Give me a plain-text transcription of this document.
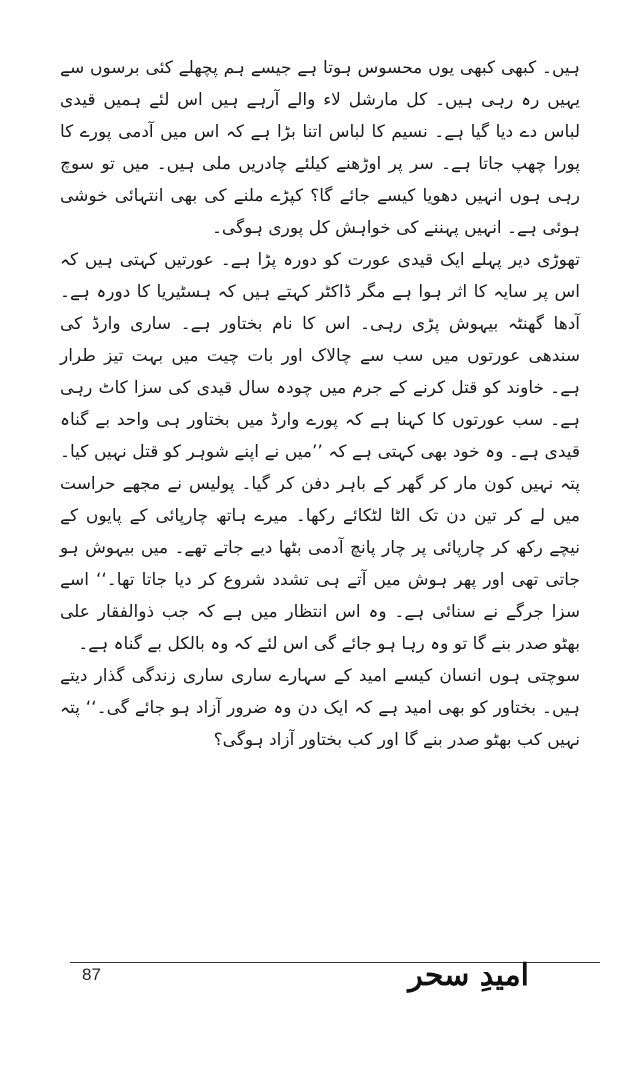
ہیں۔ کبھی کبھی یوں محسوس ہوتا ہے جیسے ہم پچھلے کئی برسوں سے یہیں رہ رہی ہیں۔ کل مارشل لاء والے آرہے ہیں اس لئے ہمیں قیدی لباس دے دیا گیا ہے۔ نسیم کا لباس اتنا بڑا ہے کہ اس میں آدمی پورے کا پورا چھپ جاتا ہے۔ سر پر اوڑھنے کیلئے چادریں ملی ہیں۔ میں تو سوچ رہی ہوں انہیں دھویا کیسے جائے گا؟ کپڑے ملنے کی بھی انتہائی خوشی ہوئی ہے۔ انہیں پہننے کی خواہش کل پوری ہوگی۔

تھوڑی دیر پہلے ایک قیدی عورت کو دورہ پڑا ہے۔ عورتیں کہتی ہیں کہ اس پر سایہ کا اثر ہوا ہے مگر ڈاکٹر کہتے ہیں کہ ہسٹیریا کا دورہ ہے۔ آدھا گھنٹہ بیہوش پڑی رہی۔ اس کا نام بختاور ہے۔ ساری وارڈ کی سندھی عورتوں میں سب سے چالاک اور بات چیت میں بہت تیز طرار ہے۔ خاوند کو قتل کرنے کے جرم میں چودہ سال قیدی کی سزا کاٹ رہی ہے۔ سب عورتوں کا کہنا ہے کہ پورے وارڈ میں بختاور ہی واحد بے گناہ قیدی ہے۔ وہ خود بھی کہتی ہے کہ ’’میں نے اپنے شوہر کو قتل نہیں کیا۔ پتہ نہیں کون مار کر گھر کے باہر دفن کر گیا۔ پولیس نے مجھے حراست میں لے کر تین دن تک الٹا لٹکائے رکھا۔ میرے ہاتھ چارپائی کے پایوں کے نیچے رکھ کر چارپائی پر چار پانچ آدمی بٹھا دیے جاتے تھے۔ میں بیہوش ہو جاتی تھی اور پھر ہوش میں آتے ہی تشدد شروع کر دیا جاتا تھا۔‘‘ اسے سزا جرگے نے سنائی ہے۔ وہ اس انتظار میں ہے کہ جب ذوالفقار علی بھٹو صدر بنے گا تو وہ رہا ہو جائے گی اس لئے کہ وہ بالکل بے گناہ ہے۔

سوچتی ہوں انسان کیسے امید کے سہارے ساری ساری زندگی گذار دیتے ہیں۔ بختاور کو بھی امید ہے کہ ایک دن وہ ضرور آزاد ہو جائے گی۔‘‘ پتہ نہیں کب بھٹو صدر بنے گا اور کب بختاور آزاد ہوگی؟

87	امیدِ سحر
